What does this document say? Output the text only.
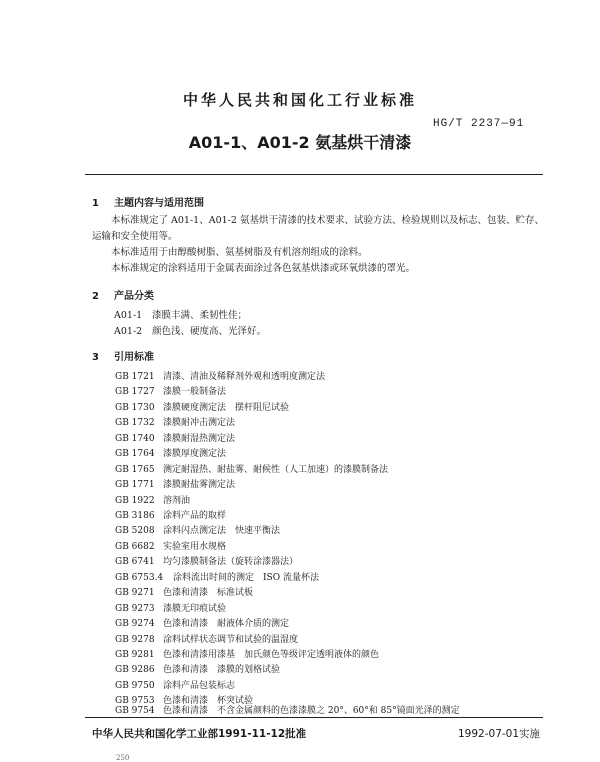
中华人民共和国化工行业标准
HG/T 2237—91
A01-1、A01-2 氨基烘干清漆
1 主题内容与适用范围
本标准规定了 A01-1、A01-2 氨基烘干清漆的技术要求、试验方法、检验规则以及标志、包装、贮存、
运输和安全使用等。
本标准适用于由醇酸树脂、氨基树脂及有机溶剂组成的涂料。
本标准规定的涂料适用于金属表面涂过各色氨基烘漆或环氧烘漆的罩光。
2 产品分类
A01-1 漆膜丰满、柔韧性佳；
A01-2 颜色浅、硬度高、光泽好。
3 引用标准
GB 1721 清漆、清油及稀释剂外观和透明度测定法
GB 1727 漆膜一般制备法
GB 1730 漆膜硬度测定法　摆杆阻尼试验
GB 1732 漆膜耐冲击测定法
GB 1740 漆膜耐湿热测定法
GB 1764 漆膜厚度测定法
GB 1765 测定耐湿热、耐盐雾、耐候性（人工加速）的漆膜制备法
GB 1771 漆膜耐盐雾测定法
GB 1922 溶剂油
GB 3186 涂料产品的取样
GB 5208 涂料闪点测定法　快速平衡法
GB 6682 实验室用水规格
GB 6741 均匀漆膜制备法（旋转涂漆器法）
GB 6753.4 涂料流出时间的测定　ISO 流量杯法
GB 9271 色漆和清漆　标准试板
GB 9273 漆膜无印痕试验
GB 9274 色漆和清漆　耐液体介质的测定
GB 9278 涂料试样状态调节和试验的温湿度
GB 9281 色漆和清漆用漆基　加氏颜色等级评定透明液体的颜色
GB 9286 色漆和清漆　漆膜的划格试验
GB 9750 涂料产品包装标志
GB 9753 色漆和清漆　杯突试验
GB 9754 色漆和清漆　不含金属颜料的色漆漆膜之 20°、60°和 85°镜面光泽的测定
中华人民共和国化学工业部1991-11-12批准	1992-07-01实施
250
